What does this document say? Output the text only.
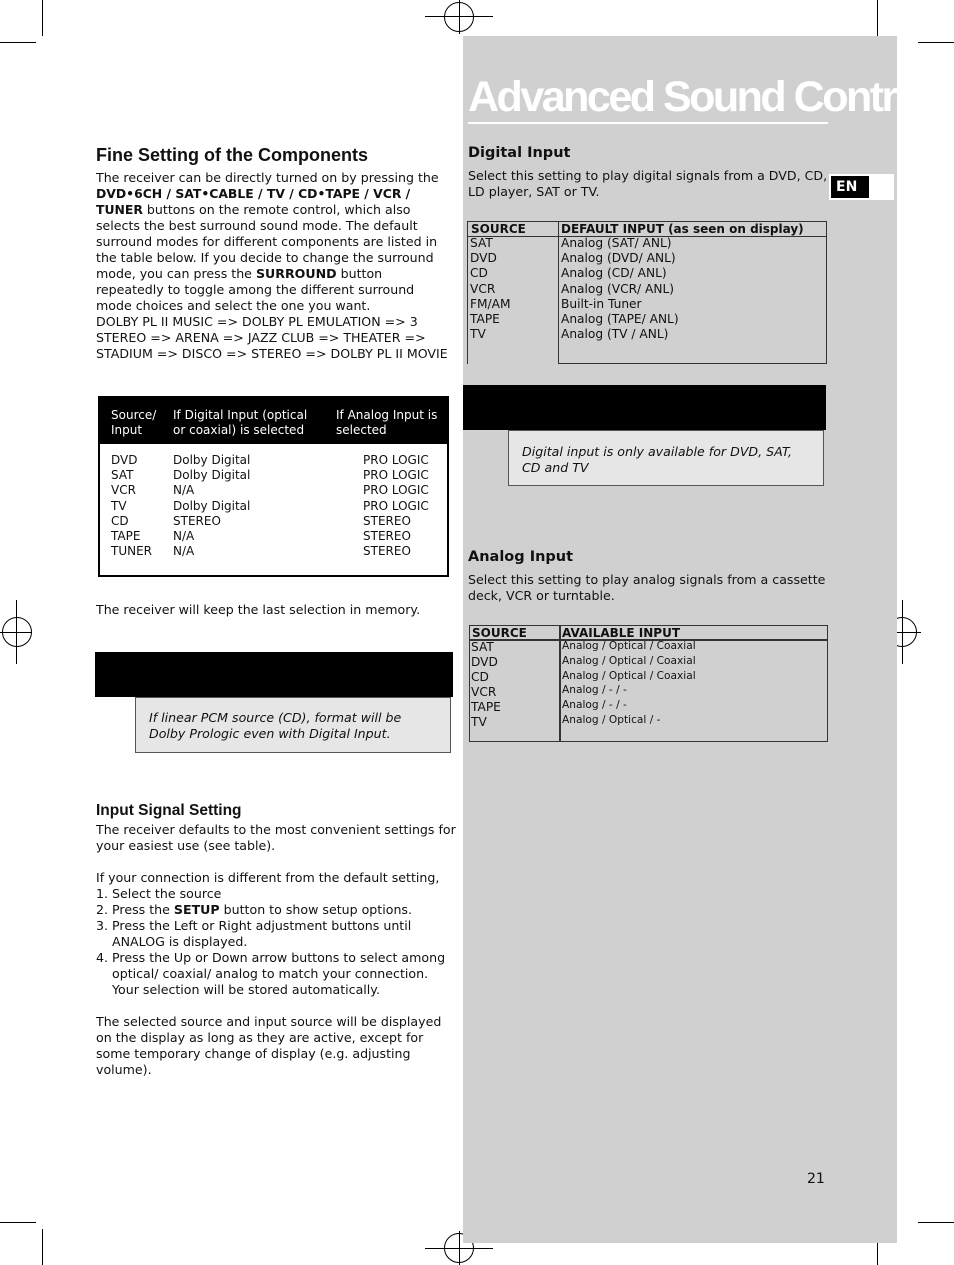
Advanced Sound Control
EN
Fine Setting of the Components

The receiver can be directly turned on by pressing the DVD•6CH / SAT•CABLE / TV / CD•TAPE / VCR / TUNER buttons on the remote control, which also selects the best surround sound mode. The default surround modes for different components are listed in the table below. If you decide to change the surround mode, you can press the SURROUND button repeatedly to toggle among the different surround mode choices and select the one you want.

DOLBY PL II MUSIC => DOLBY PL EMULATION => 3 STEREO => ARENA => JAZZ CLUB => THEATER => STADIUM => DISCO => STEREO => DOLBY PL II MOVIE

Source/ Input
If Digital Input (optical or coaxial) is selected
If Analog Input is selected
DVD
SAT
VCR
TV
CD
TAPE
TUNER
Dolby Digital
Dolby Digital
N/A
Dolby Digital
STEREO
N/A
N/A
PRO LOGIC
PRO LOGIC
PRO LOGIC
PRO LOGIC
STEREO
STEREO
STEREO
The receiver will keep the last selection in memory.
If linear PCM source (CD), format will be Dolby Prologic even with Digital Input.
Input Signal Setting

The receiver defaults to the most convenient settings for your easiest use (see table).

If your connection is different from the default setting,

1. Select the source
2. Press the SETUP button to show setup options.
3. Press the Left or Right adjustment buttons until ANALOG is displayed.
4. Press the Up or Down arrow buttons to select among optical/ coaxial/ analog to match your connection. Your selection will be stored automatically.

The selected source and input source will be displayed on the display as long as they are active, except for some temporary change of display (e.g. adjusting volume).

Digital Input
Select this setting to play digital signals from a DVD, CD, LD player, SAT or TV.
SOURCE	DEFAULT INPUT (as seen on display)
SAT
DVD
CD
VCR
FM/AM
TAPE
TV
Analog (SAT/ ANL)
Analog (DVD/ ANL)
Analog (CD/ ANL)
Analog (VCR/ ANL)
Built-in Tuner
Analog (TAPE/ ANL)
Analog (TV / ANL)
Digital input is only available for DVD, SAT, CD and TV
Analog Input
Select this setting to play analog signals from a cassette deck, VCR or turntable.
SOURCE	AVAILABLE INPUT
SAT
DVD
CD
VCR
TAPE
TV
Analog / Optical / Coaxial
Analog / Optical / Coaxial
Analog / Optical / Coaxial
Analog / - / -
Analog / - / -
Analog / Optical / -
21
